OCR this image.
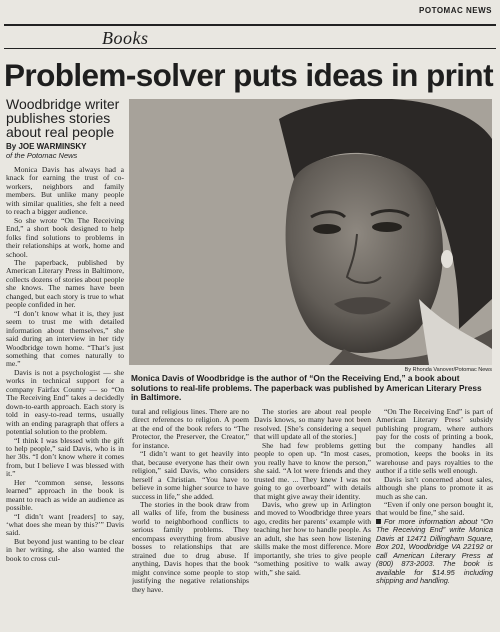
POTOMAC NEWS
Books
Problem-solver puts ideas in print
Woodbridge writer publishes stories about real people
By JOE WARMINSKY
of the Potomac News
By Rhonda Vanover/Potomac News
Monica Davis of Woodbridge is the author of “On the Receiving End,” a book about solutions to real-life problems. The paperback was published by American Literary Press in Baltimore.

Monica Davis has always had a knack for earning the trust of co-workers, neighbors and family members. But unlike many people with similar qualities, she felt a need to reach a bigger audience.

So she wrote “On The Receiving End,” a short book designed to help folks find solutions to problems in their relationships at work, home and school.

The paperback, published by American Literary Press in Baltimore, collects dozens of stories about people she knows. The names have been changed, but each story is true to what people confided in her.

“I don’t know what it is, they just seem to trust me with detailed information about themselves,” she said during an interview in her tidy Woodbridge town home. “That’s just something that comes naturally to me.”

Davis is not a psychologist — she works in technical support for a company Fairfax County — so “On The Receiving End” takes a decidedly down-to-earth approach. Each story is told in easy-to-read terms, usually with an ending paragraph that offers a potential solution to the problem.

“I think I was blessed with the gift to help people,” said Davis, who is in her 30s. “I don’t know where it comes from, but I believe I was blessed with it.”

Her “common sense, lessons learned” approach in the book is meant to reach as wide an audience as possible.

“I didn’t want [readers] to say, ‘what does she mean by this?’” Davis said.

But beyond just wanting to be clear in her writing, she also wanted the book to cross cul-

tural and religious lines. There are no direct references to religion. A poem at the end of the book refers to “The Protector, the Preserver, the Creator,” for instance.

“I didn’t want to get heavily into that, because everyone has their own religion,” said Davis, who considers herself a Christian. “You have to believe in some higher source to have success in life,” she added.

The stories in the book draw from all walks of life, from the business world to neighborhood conflicts to serious family problems. They encompass everything from abusive bosses to relationships that are strained due to drug abuse. If anything, Davis hopes that the book might convince some people to stop justifying the negative relationships they have.

The stories are about real people Davis knows, so many have not been resolved. [She’s considering a sequel that will update all of the stories.]

She had few problems getting people to open up. “In most cases, you really have to know the person,” she said. “A lot were friends and they trusted me. ... They knew I was not going to go overboard” with details that might give away their identity.

Davis, who grew up in Arlington and moved to Woodbridge three years ago, credits her parents’ example with teaching her how to handle people. As an adult, she has seen how listening skills make the most difference. More importantly, she tries to give people “something positive to walk away with,” she said.

“On The Receiving End” is part of American Literary Press’ subsidy publishing program, where authors pay for the costs of printing a book, but the company handles all promotion, keeps the books in its warehouse and pays royalties to the author if a title sells well enough.

Davis isn’t concerned about sales, although she plans to promote it as much as she can.

“Even if only one person bought it, that would be fine,” she said.

For more information about “On The Receiving End” write Monica Davis at 12471 Dillingham Square, Box 201, Woodbridge VA 22192 or call American Literary Press at (800) 873-2003. The book is available for $14.95 including shipping and handling.
